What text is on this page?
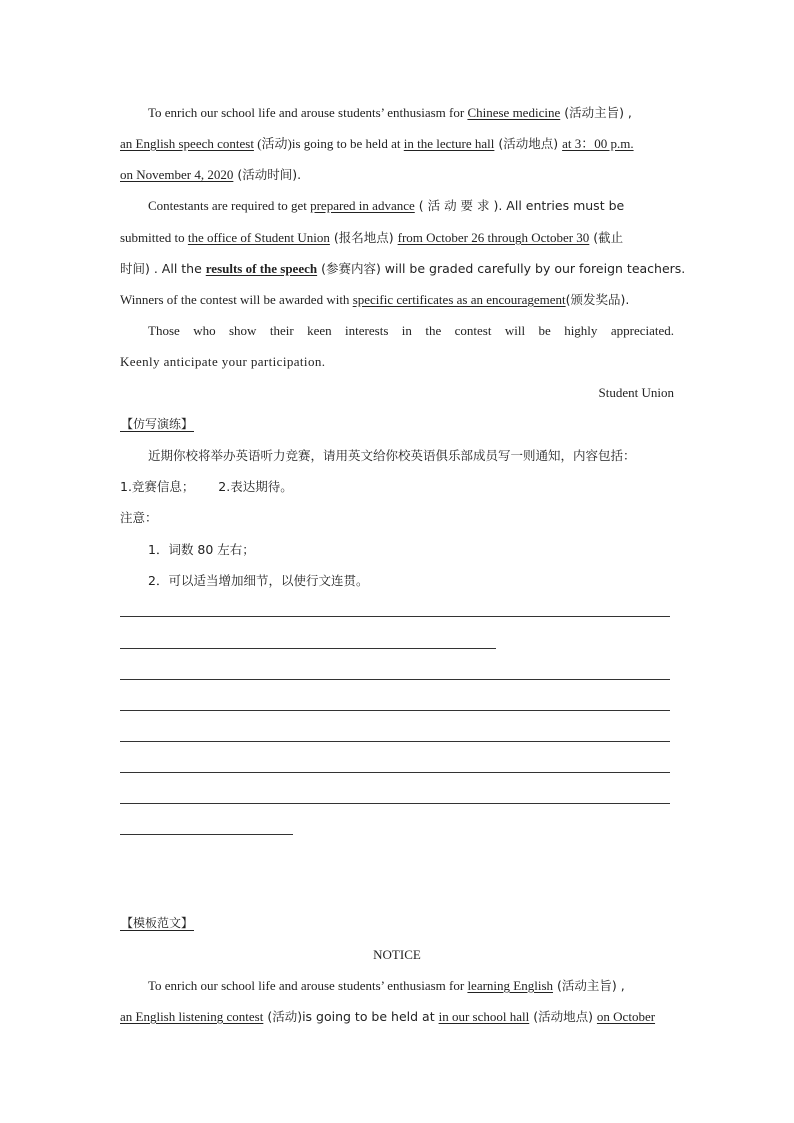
To enrich our school life and arouse students’ enthusiasm for Chinese medicine (活动主旨) ,
an English speech contest (活动)is going to be held at in the lecture hall (活动地点) at 3：00 p.m.
on November 4, 2020 (活动时间).
Contestants are required to get prepared in advance ( 活 动 要 求 ). All entries must be
submitted to the office of Student Union (报名地点) from October 26 through October 30 (截止
时间) . All the results of the speech (参赛内容) will be graded carefully by our foreign teachers.
Winners of the contest will be awarded with specific certificates as an encouragement(颁发奖品).
Those who show their keen interests in the contest will be highly appreciated.
Keenly anticipate your participation.
Student Union
【仿写演练】
近期你校将举办英语听力竞赛，请用英文给你校英语俱乐部成员写一则通知，内容包括：
1.竞赛信息；      2.表达期待。
注意：
1．词数 80 左右；
2．可以适当增加细节，以使行文连贯。
【模板范文】
NOTICE
To enrich our school life and arouse students’ enthusiasm for learning English (活动主旨) ,
an English listening contest (活动)is going to be held at in our school hall (活动地点) on October
